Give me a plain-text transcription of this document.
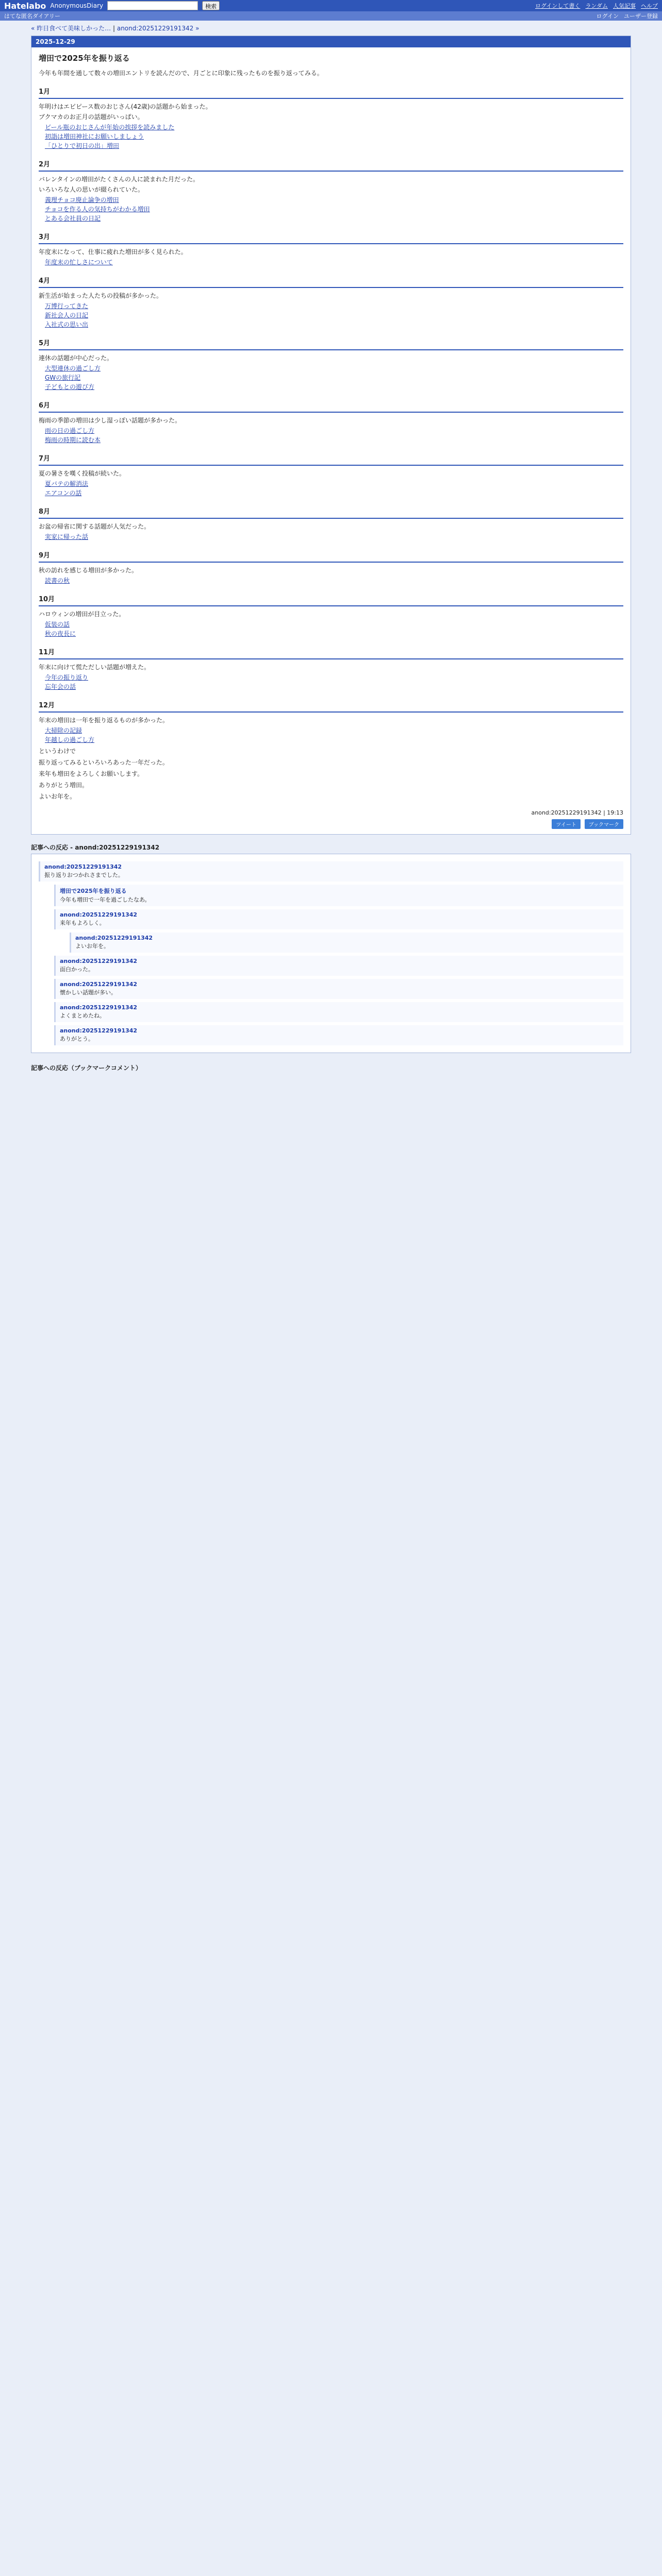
Hatelabo AnonymousDiary	検索	ログインして書く ランダム 人気記事 ヘルプ
はてな匿名ダイアリー	ログイン ユーザー登録
« 昨日食べて美味しかった… | anond:20251229191342 »
2025-12-29
増田で2025年を振り返る
今年も年間を通して数々の増田エントリを読んだので、月ごとに印象に残ったものを振り返ってみる。
1月
年明けはエビピース数のおじさん(42歳)の話題から始まった。
ブクマカのお正月の話題がいっぱい。
ビール瓶のおじさんが年始の挨拶を読みました
初詣は増田神社にお願いしましょう
「ひとりで初日の出」増田
2月
バレンタインの増田がたくさんの人に読まれた月だった。
いろいろな人の思いが綴られていた。
義理チョコ廃止論争の増田
チョコを作る人の気持ちがわかる増田
とある会社員の日記
3月
年度末になって、仕事に疲れた増田が多く見られた。
年度末の忙しさについて
4月
新生活が始まった人たちの投稿が多かった。
万博行ってきた
新社会人の日記
入社式の思い出
5月
連休の話題が中心だった。
大型連休の過ごし方
GWの旅行記
子どもとの遊び方
6月
梅雨の季節の増田は少し湿っぽい話題が多かった。
雨の日の過ごし方
梅雨の時期に読む本
7月
夏の暑さを嘆く投稿が続いた。
夏バテの解消法
エアコンの話
8月
お盆の帰省に関する話題が人気だった。
実家に帰った話
9月
秋の訪れを感じる増田が多かった。
読書の秋
10月
ハロウィンの増田が目立った。
仮装の話
秋の夜長に
11月
年末に向けて慌ただしい話題が増えた。
今年の振り返り
忘年会の話
12月
年末の増田は一年を振り返るものが多かった。
大掃除の記録
年越しの過ごし方
というわけで
振り返ってみるといろいろあった一年だった。
来年も増田をよろしくお願いします。
ありがとう増田。
よいお年を。
anond:20251229191342 | 19:13
ツイート ブックマーク
記事への反応 - anond:20251229191342
anond:20251229191342
振り返りおつかれさまでした。
増田で2025年を振り返る
今年も増田で一年を過ごしたなあ。
anond:20251229191342
来年もよろしく。
anond:20251229191342
よいお年を。
anond:20251229191342
面白かった。
anond:20251229191342
懐かしい話題が多い。
anond:20251229191342
よくまとめたね。
anond:20251229191342
ありがとう。
記事への反応（ブックマークコメント）
